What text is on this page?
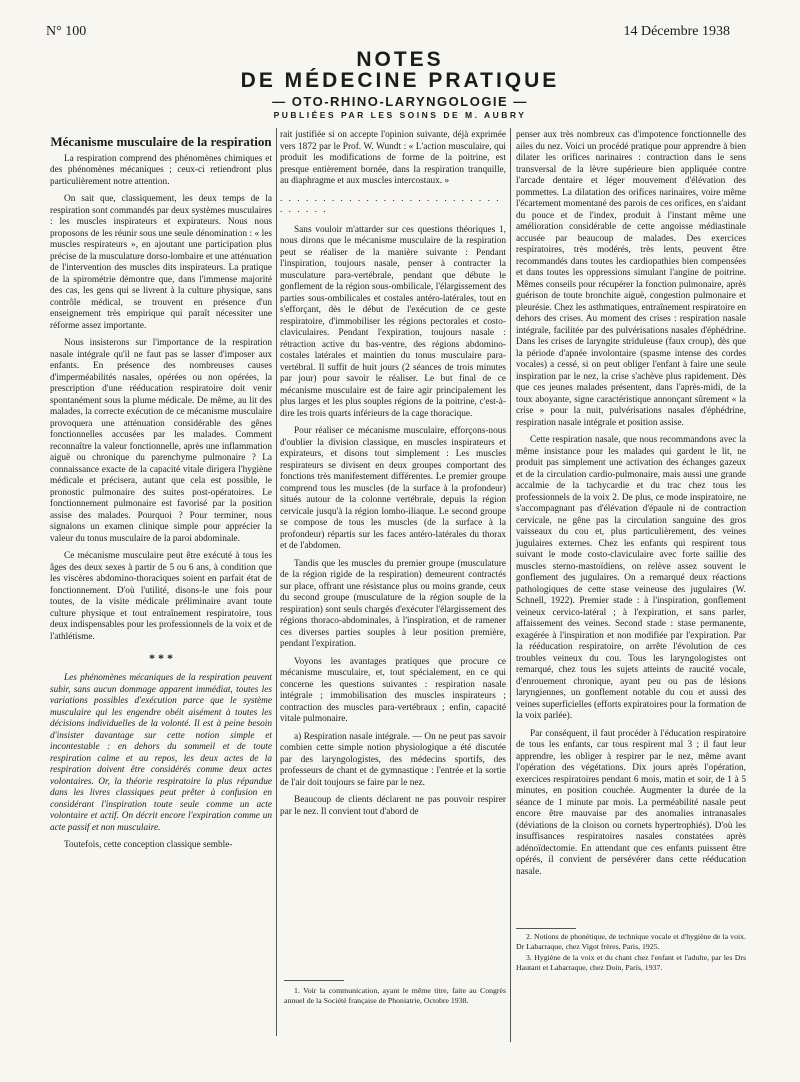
N° 100	14 Décembre 1938
NOTES
DE MÉDECINE PRATIQUE
— OTO-RHINO-LARYNGOLOGIE —
PUBLIÉES PAR LES SOINS DE M. AUBRY

Mécanisme musculaire de la respiration

La respiration comprend des phénomènes chimiques et des phénomènes mécaniques ; ceux-ci retiendront plus particulièrement notre attention.

On sait que, classiquement, les deux temps de la respiration sont commandés par deux systèmes musculaires : les muscles inspirateurs et expirateurs. Nous nous proposons de les réunir sous une seule dénomination : « les muscles respirateurs », en ajoutant une participation plus précise de la musculature dorso-lombaire et une atténuation de l'intervention des muscles dits inspirateurs. La pratique de la spirométrie démontre que, dans l'immense majorité des cas, les gens qui se livrent à la culture physique, sans contrôle médical, se trouvent en présence d'un enseignement très empirique qui paraît nécessiter une réforme assez importante.

Nous insisterons sur l'importance de la respiration nasale intégrale qu'il ne faut pas se lasser d'imposer aux enfants. En présence des nombreuses causes d'imperméabilités nasales, opérées ou non opérées, la prescription d'une rééducation respiratoire doit venir spontanément sous la plume médicale. De même, au lit des malades, la correcte exécution de ce mécanisme musculaire provoquera une atténuation considérable des gênes fonctionnelles accusées par les malades. Comment reconnaître la valeur fonctionnelle, après une inflammation aiguë ou chronique du parenchyme pulmonaire ? La connaissance exacte de la capacité vitale dirigera l'hygiène médicale et précisera, autant que cela est possible, le pronostic pulmonaire des suites post-opératoires. Le fonctionnement pulmonaire est favorisé par la position assise des malades. Pourquoi ? Pour terminer, nous signalons un examen clinique simple pour apprécier la valeur du tonus musculaire de la paroi abdominale.

Ce mécanisme musculaire peut être exécuté à tous les âges des deux sexes à partir de 5 ou 6 ans, à condition que les viscères abdomino-thoraciques soient en parfait état de fonctionnement. D'où l'utilité, disons-le une fois pour toutes, de la visite médicale préliminaire avant toute culture physique et tout entraînement respiratoire, tous deux indispensables pour les professionnels de la voix et de l'athlétisme.

* * *

Les phénomènes mécaniques de la respiration peuvent subir, sans aucun dommage apparent immédiat, toutes les variations possibles d'exécution parce que le système musculaire qui les engendre obéit aisément à toutes les décisions individuelles de la volonté. Il est à peine besoin d'insister davantage sur cette notion simple et incontestable : en dehors du sommeil et de toute respiration calme et au repos, les deux actes de la respiration doivent être considérés comme deux actes volontaires. Or, la théorie respiratoire la plus répandue dans les livres classiques peut prêter à confusion en considérant l'inspiration toute seule comme un acte volontaire et actif. On décrit encore l'expiration comme un acte passif et non musculaire.

Toutefois, cette conception classique semble-

rait justifiée si on accepte l'opinion suivante, déjà exprimée vers 1872 par le Prof. W. Wundt : « L'action musculaire, qui produit les modifications de forme de la poitrine, est presque entièrement bornée, dans la respiration tranquille, au diaphragme et aux muscles intercostaux. »

. . . . . . . . . . . . . . . . . . . . . . . . . . . . . . . .

Sans vouloir m'attarder sur ces questions théoriques 1, nous dirons que le mécanisme musculaire de la respiration peut se réaliser de la manière suivante : Pendant l'inspiration, toujours nasale, penser à contracter la musculature para-vertébrale, pendant que débute le gonflement de la région sous-ombilicale, l'élargissement des parties sous-ombilicales et costales antéro-latérales, tout en s'efforçant, dès le début de l'exécution de ce geste respiratoire, d'immobiliser les régions pectorales et costo-claviculaires. Pendant l'expiration, toujours nasale : rétraction active du bas-ventre, des régions abdomino-costales latérales et maintien du tonus musculaire para-vertébral. Il suffit de huit jours (2 séances de trois minutes par jour) pour savoir le réaliser. Le but final de ce mécanisme musculaire est de faire agir principalement les plus larges et les plus souples régions de la poitrine, c'est-à-dire les trois quarts inférieurs de la cage thoracique.

Pour réaliser ce mécanisme musculaire, efforçons-nous d'oublier la division classique, en muscles inspirateurs et expirateurs, et disons tout simplement : Les muscles respirateurs se divisent en deux groupes comportant des fonctions très manifestement différentes. Le premier groupe comprend tous les muscles (de la surface à la profondeur) situés autour de la colonne vertébrale, depuis la région cervicale jusqu'à la région lombo-iliaque. Le second groupe se compose de tous les muscles (de la surface à la profondeur) répartis sur les faces antéro-latérales du thorax et de l'abdomen.

Tandis que les muscles du premier groupe (musculature de la région rigide de la respiration) demeurent contractés sur place, offrant une résistance plus ou moins grande, ceux du second groupe (musculature de la région souple de la respiration) sont seuls chargés d'exécuter l'élargissement des régions thoraco-abdominales, à l'inspiration, et de ramener ces diverses parties souples à leur position première, pendant l'expiration.

Voyons les avantages pratiques que procure ce mécanisme musculaire, et, tout spécialement, en ce qui concerne les questions suivantes : respiration nasale intégrale ; immobilisation des muscles inspirateurs ; contraction des muscles para-vertébraux ; enfin, capacité vitale pulmonaire.

a) Respiration nasale intégrale. — On ne peut pas savoir combien cette simple notion physiologique a été discutée par des laryngologistes, des médecins sportifs, des professeurs de chant et de gymnastique : l'entrée et la sortie de l'air doit toujours se faire par le nez.

Beaucoup de clients déclarent ne pas pouvoir respirer par le nez. Il convient tout d'abord de

1. Voir la communication, ayant le même titre, faite au Congrès annuel de la Société française de Phoniatrie, Octobre 1938.

penser aux très nombreux cas d'impotence fonctionnelle des ailes du nez. Voici un procédé pratique pour apprendre à bien dilater les orifices narinaires : contraction dans le sens transversal de la lèvre supérieure bien appliquée contre l'arcade dentaire et léger mouvement d'élévation des pommettes. La dilatation des orifices narinaires, voire même l'écartement momentané des parois de ces orifices, en s'aidant du pouce et de l'index, produit à l'instant même une amélioration considérable de cette angoisse médiastinale accusée par beaucoup de malades. Des exercices respiratoires, très modérés, très lents, peuvent être recommandés dans toutes les cardiopathies bien compensées et dans toutes les oppressions simulant l'angine de poitrine. Mêmes conseils pour récupérer la fonction pulmonaire, après guérison de toute bronchite aiguë, congestion pulmonaire et pleurésie. Chez les asthmatiques, entraînement respiratoire en dehors des crises. Au moment des crises : respiration nasale intégrale, facilitée par des pulvérisations nasales d'éphédrine. Dans les crises de laryngite striduleuse (faux croup), dès que la période d'apnée involontaire (spasme intense des cordes vocales) a cessé, si on peut obliger l'enfant à faire une seule inspiration par le nez, la crise s'achève plus rapidement. Dès que ces jeunes malades présentent, dans l'après-midi, de la toux aboyante, signe caractéristique annonçant sûrement « la crise » pour la nuit, pulvérisations nasales d'éphédrine, respiration nasale intégrale et position assise.

Cette respiration nasale, que nous recommandons avec la même insistance pour les malades qui gardent le lit, ne produit pas simplement une activation des échanges gazeux et de la circulation cardio-pulmonaire, mais aussi une grande accalmie de la tachycardie et du trac chez tous les professionnels de la voix 2. De plus, ce mode inspiratoire, ne s'accompagnant pas d'élévation d'épaule ni de contraction cervicale, ne gêne pas la circulation sanguine des gros vaisseaux du cou et, plus particulièrement, des veines jugulaires externes. Chez les enfants qui respirent tous suivant le mode costo-claviculaire avec forte saillie des muscles sterno-mastoïdiens, on relève assez souvent le gonflement des jugulaires. On a remarqué deux réactions pathologiques de cette stase veineuse des jugulaires (W. Schnell, 1922). Premier stade : à l'inspiration, gonflement veineux cervico-latéral ; à l'expiration, et sans parler, affaissement des veines. Second stade : stase permanente, exagérée à l'inspiration et non modifiée par l'expiration. Par la rééducation respiratoire, on arrête l'évolution de ces troubles veineux du cou. Tous les laryngologistes ont remarqué, chez tous les sujets atteints de raucité vocale, d'enrouement chronique, ayant peu ou pas de lésions laryngiennes, un gonflement notable du cou et aussi des veines superficielles (efforts expiratoires pour la formation de la voix parlée).

Par conséquent, il faut procéder à l'éducation respiratoire de tous les enfants, car tous respirent mal 3 ; il faut leur apprendre, les obliger à respirer par le nez, même avant l'opération des végétations. Dix jours après l'opération, exercices respiratoires pendant 6 mois, matin et soir, de 1 à 5 minutes, en position couchée. Augmenter la durée de la séance de 1 minute par mois. La perméabilité nasale peut encore être mauvaise par des anomalies intranasales (déviations de la cloison ou cornets hypertrophiés). D'où les insuffisances respiratoires nasales constatées après adénoïdectomie. En attendant que ces enfants puissent être opérés, il convient de persévérer dans cette rééducation nasale.

2. Notions de phonétique, de technique vocale et d'hygiène de la voix. Dr Labarraque, chez Vigot frères, Paris, 1925.

3. Hygiène de la voix et du chant chez l'enfant et l'adulte, par les Drs Hautant et Labarraque, chez Doin, Paris, 1937.
